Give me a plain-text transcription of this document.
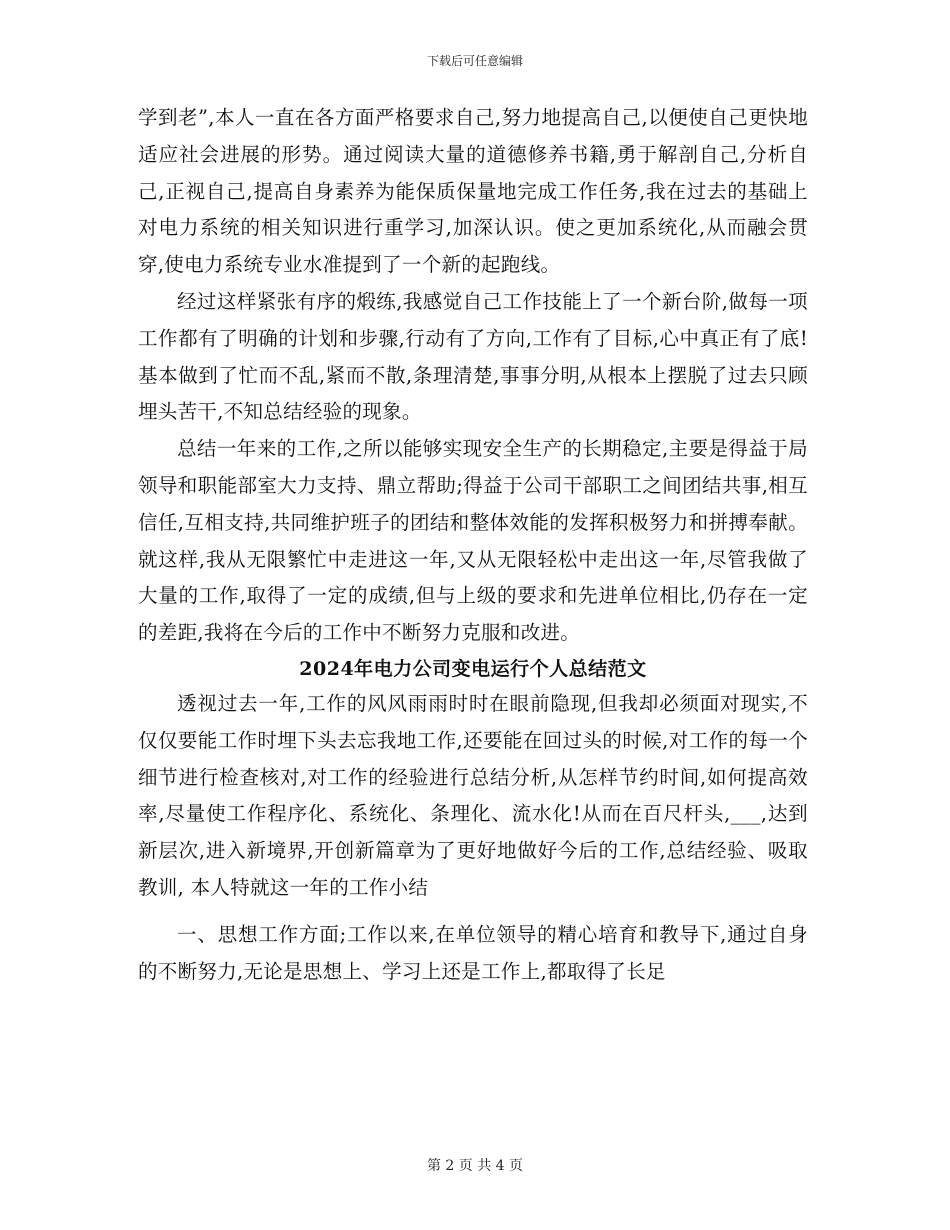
下载后可任意编辑

学到老”,本人一直在各方面严格要求自己,努力地提高自己,以便使自己更快地适应社会进展的形势。通过阅读大量的道德修养书籍,勇于解剖自己,分析自己,正视自己,提高自身素养为能保质保量地完成工作任务,我在过去的基础上对电力系统的相关知识进行重学习,加深认识。使之更加系统化,从而融会贯穿,使电力系统专业水准提到了一个新的起跑线。

经过这样紧张有序的煅练,我感觉自己工作技能上了一个新台阶,做每一项工作都有了明确的计划和步骤,行动有了方向,工作有了目标,心中真正有了底!基本做到了忙而不乱,紧而不散,条理清楚,事事分明,从根本上摆脱了过去只顾埋头苦干,不知总结经验的现象。

总结一年来的工作,之所以能够实现安全生产的长期稳定,主要是得益于局领导和职能部室大力支持、鼎立帮助;得益于公司干部职工之间团结共事,相互信任,互相支持,共同维护班子的团结和整体效能的发挥积极努力和拼搏奉献。就这样,我从无限繁忙中走进这一年,又从无限轻松中走出这一年,尽管我做了大量的工作,取得了一定的成绩,但与上级的要求和先进单位相比,仍存在一定的差距,我将在今后的工作中不断努力克服和改进。

2024年电力公司变电运行个人总结范文

透视过去一年,工作的风风雨雨时时在眼前隐现,但我却必须面对现实,不仅仅要能工作时埋下头去忘我地工作,还要能在回过头的时候,对工作的每一个细节进行检查核对,对工作的经验进行总结分析,从怎样节约时间,如何提高效率,尽量使工作程序化、系统化、条理化、流水化!从而在百尺杆头,___,达到新层次,进入新境界,开创新篇章为了更好地做好今后的工作,总结经验、吸取教训, 本人特就这一年的工作小结

一、思想工作方面;工作以来,在单位领导的精心培育和教导下,通过自身的不断努力,无论是思想上、学习上还是工作上,都取得了长足

第 2 页 共 4 页
